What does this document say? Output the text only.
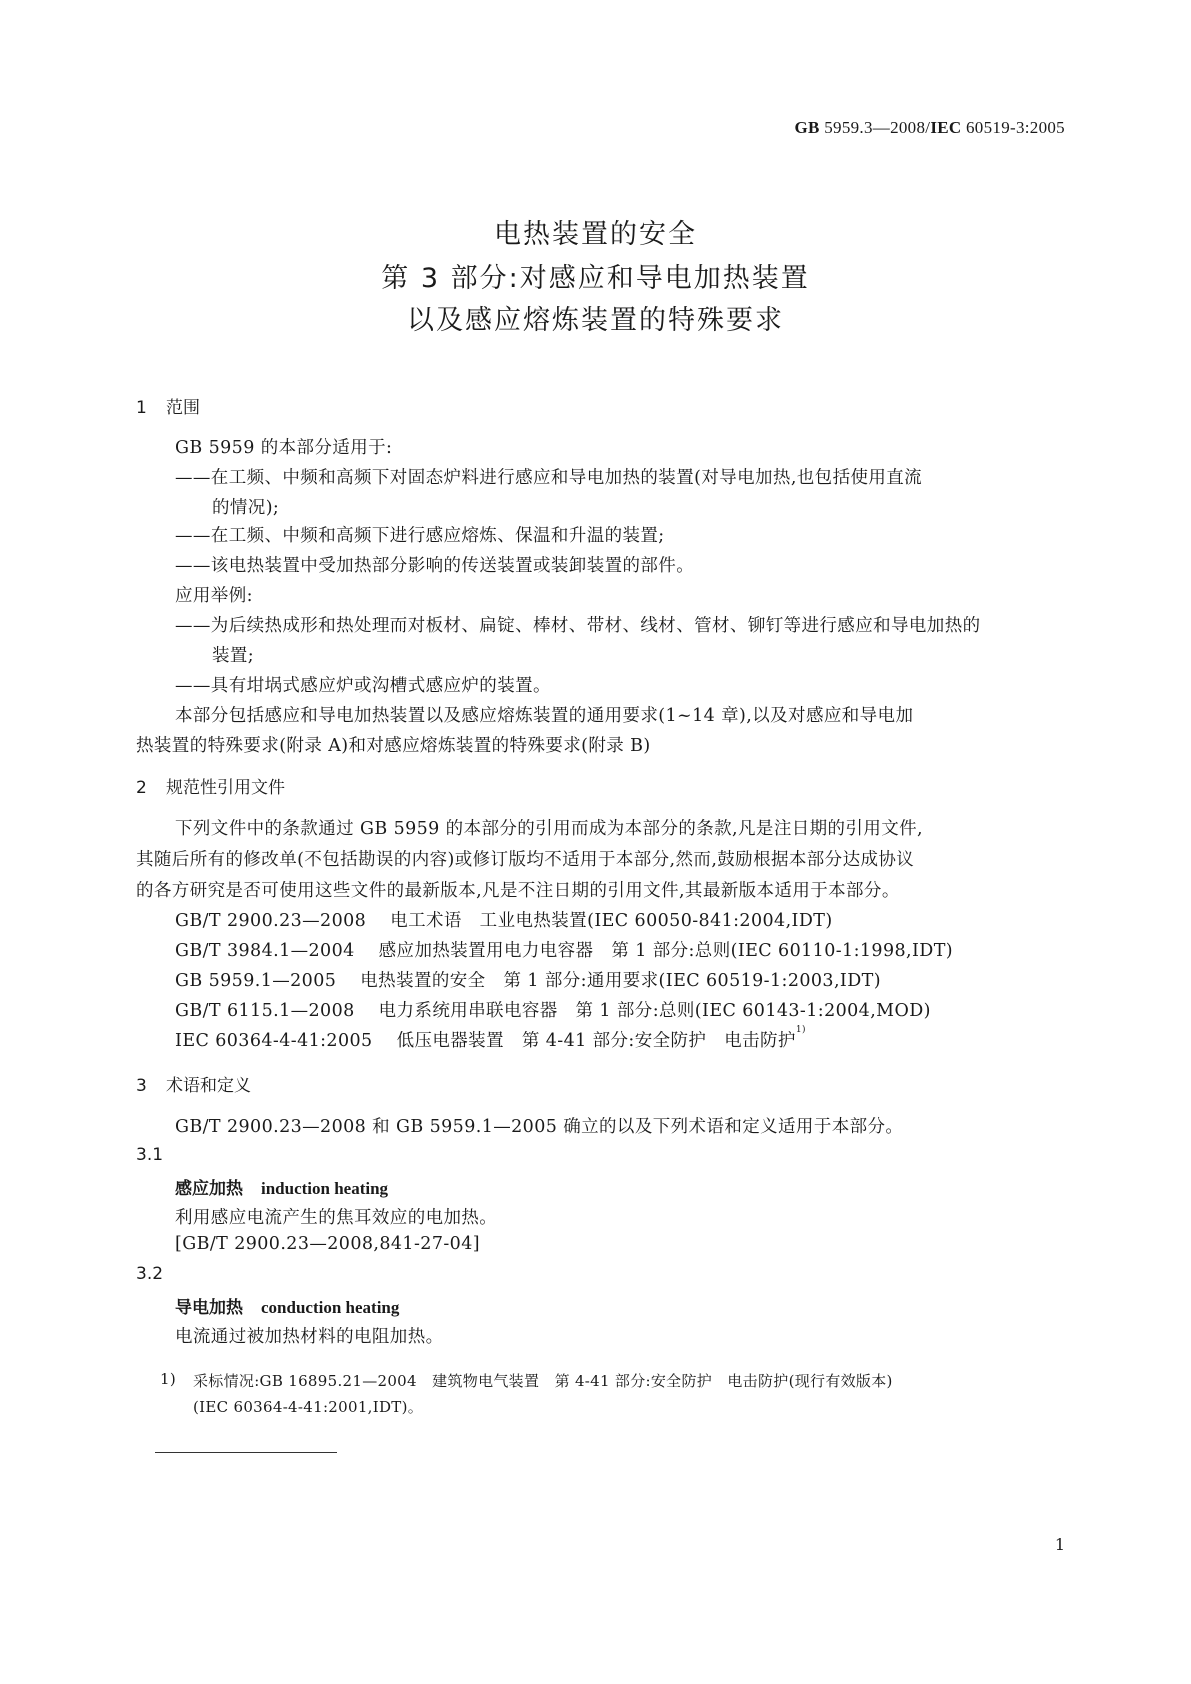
GB 5959.3—2008/IEC 60519-3:2005
电热装置的安全
第 3 部分:对感应和导电加热装置
以及感应熔炼装置的特殊要求
1 范围
GB 5959 的本部分适用于:
——在工频、中频和高频下对固态炉料进行感应和导电加热的装置(对导电加热,也包括使用直流
的情况);
——在工频、中频和高频下进行感应熔炼、保温和升温的装置;
——该电热装置中受加热部分影响的传送装置或装卸装置的部件。
应用举例:
——为后续热成形和热处理而对板材、扁锭、棒材、带材、线材、管材、铆钉等进行感应和导电加热的
装置;
——具有坩埚式感应炉或沟槽式感应炉的装置。
本部分包括感应和导电加热装置以及感应熔炼装置的通用要求(1~14 章),以及对感应和导电加
热装置的特殊要求(附录 A)和对感应熔炼装置的特殊要求(附录 B)
2 规范性引用文件
下列文件中的条款通过 GB 5959 的本部分的引用而成为本部分的条款,凡是注日期的引用文件,
其随后所有的修改单(不包括勘误的内容)或修订版均不适用于本部分,然而,鼓励根据本部分达成协议
的各方研究是否可使用这些文件的最新版本,凡是不注日期的引用文件,其最新版本适用于本部分。
GB/T 2900.23—2008 电工术语　工业电热装置(IEC 60050-841:2004,IDT)
GB/T 3984.1—2004 感应加热装置用电力电容器　第 1 部分:总则(IEC 60110-1:1998,IDT)
GB 5959.1—2005 电热装置的安全　第 1 部分:通用要求(IEC 60519-1:2003,IDT)
GB/T 6115.1—2008 电力系统用串联电容器　第 1 部分:总则(IEC 60143-1:2004,MOD)
IEC 60364-4-41:2005 低压电器装置　第 4-41 部分:安全防护　电击防护$^{1)}$
3 术语和定义
GB/T 2900.23—2008 和 GB 5959.1—2005 确立的以及下列术语和定义适用于本部分。
3.1
感应加热 induction heating
利用感应电流产生的焦耳效应的电加热。
[GB/T 2900.23—2008,841-27-04]
3.2
导电加热 conduction heating
电流通过被加热材料的电阻加热。
1) 采标情况:GB 16895.21—2004　建筑物电气装置　第 4-41 部分:安全防护　电击防护(现行有效版本)
(IEC 60364-4-41:2001,IDT)。
1
